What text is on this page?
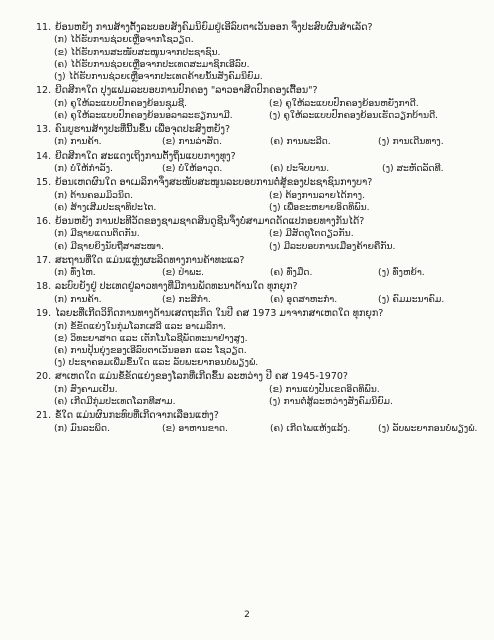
11. ຍ້ອນຫຍັງ ການສ້າງຕັ້ງລະບອບສັງຄົມນິຍົມຢູ່ເອີລົບຕາເວັນອອກ ຈຶ່ງປະສົບຜົນສຳເລັດ?
(ກ) ໄດ້ຮັບການຊ່ວຍເຫຼືອຈາກໂຊວຽດ.
(ຂ) ໄດ້ຮັບການສະໜັບສະໜູນຈາກປະຊາຊົນ.
(ຄ) ໄດ້ຮັບການຊ່ວຍເຫຼືອຈາກປະເທດສະມາຊິກເອີລົບ.
(ງ) ໄດ້ຮັບການຊ່ວຍເຫຼືອຈາກປະເທດຄ້າຍນັ້ນສັງຄົມນິຍົມ.
12. ຍີດສີກາໃດ ປຸງແຟມລະບອບການປົກຄອງ "ລາວອາສີດປົກຄອງເຕື້ອນ"?
(ກ) ຄູໃຫ້ລະແບບປົກຄອງຍ້ອນຊຸມຊີ.	(ຂ) ຄູໃຫ້ລະແບບປົກຄອງຍ້ອນຫຍັງກາດີ.
(ຄ) ຄູໃຫ້ລະແບບປົກຄອງຍ້ອນອລາລະຮຽກນາມີ.	(ງ) ຄູໃຫ້ລະແບບປົກຄອງຍ້ອນເຮັດວຽກບ້ານດີ.
13. ຄົນບູຮານສ້າງປະທີ່ນີ້ນຂຶ້ນ ເພື່ອຈຸດປະສົງຫຍັງ?
(ກ) ການຄ້າ.	(ຂ) ການລ່າສັດ.	(ຄ) ການພະລີດ.	(ງ) ການເດີນທາງ.
14. ຍີດສີກາໃດ ສະແດງເຖິງການຕັ້ງຖິ່ນແບບກາງທຸງ?
(ກ) ບໍ່ໃຫ້ກຳລັງ.	(ຂ) ບໍ່ໃຫ້ອາວຸດ.	(ຄ) ປະຈົບບານ.	(ງ) ສະຫັດລັດທີ.
15. ຍ້ອນເຫດຜົນໃດ ອາເມລິກາຈຶ່ງສະໜັບສະໜູນລະບອບການຕໍ່ສູ້ຂອງປະຊາຊົນກາງບາ?
(ກ) ຕ້ານຄອມມິວນິດ.	(ຂ) ຕ້ອງການລາຍໄດ້ກາງ.
(ຄ) ສ້າງເສີມປະຊາທິປະໄຕ.	(ງ) ເພື່ອຂະຫຍາຍອິດທິພົນ.
16. ຍ້ອນຫຍັງ ການປະທີວັດຂອງຊາມຊາດສິນດູຊີນຈຶ່ງບໍ່ສາມາດດັດແປກອຍທາງກັນໄດ້?
(ກ) ມີຊາຍແດນຕິດກັນ.	(ຂ) ມີສັດຕູໂຕດຽວກັນ.
(ຄ) ມີຊາຍຍິງນັບຖືສາສະໜາ.	(ງ) ມີລະບອບການເມືອງຄ້າຍຄືກັນ.
17. ສະຖານທີ່ໃດ ແມ່ນແຫຼ່ງຜະລິດທາງການຄ້າທະແລ?
(ກ) ທົ່ງໄຫ.	(ຂ) ປ່າພະ.	(ຄ) ທົ່ງມືດ.	(ງ) ທົ່ງຫຍ້າ.
18. ລະບົບຍັງຢູ່ ປະເທດຢູ່ລາວທາງທີ່ມີການພັດທະນາດ້ານໃດ ທຸກຍຸກ?
(ກ) ການຄ້າ.	(ຂ) ກະສິກຳ.	(ຄ) ອຸດສາຫະກຳ.	(ງ) ຄົມມະນາຄົມ.
19. ໄລຍະທີ່ເກີດວິກິດການທາງດ້ານເສດຖະກິດ ໃນປີ ຄສ 1973 ມາຈາກສາເຫດໃດ ທຸກຍຸກ?
(ກ) ຂໍ້ຂັດແຍ່ງໃນກຸ່ມໂລກເສລີ ແລະ ອາເມລິກາ.
(ຂ) ວິທະຍາສາດ ແລະ ເຕັກໂນໂລຊີພັດທະນາຢ່າງສູງ.
(ຄ) ການປຸ້ນຍຸ່ງຂອງເອີລົບຕາເວັນອອກ ແລະ ໂຊວຽດ.
(ງ) ປະຊາຄອມເພີ່ມຂຶ້ນໃດ ແລະ ລັບພະຍາກອນບໍ່ພຽງພໍ.
20. ສາເຫດໃດ ແມ່ນຂໍ້ຂັດແຍ່ງຂອງໂລກທີ່ເກີດຂຶ້ນ ລະຫວ່າງ ປີ ຄສ 1945-1970?
(ກ) ສົງຄາມເຢັນ.	(ຂ) ການແບ່ງປັນເຂດອິດທິພົນ.
(ຄ) ເກີດມີກຸ່ມປະເທດໂລກທີສາມ.	(ງ) ການຕໍ່ສູ້ລະຫວ່າງສັງຄົມນິຍົມ.
21. ຂໍ້ໃດ ແມ່ນຜົນກະທົບທີ່ເກີດຈາກເລືອນແຫ່ງ?
(ກ) ມົນລະພິດ.	(ຂ) ອາຫານຂາດ.	(ຄ) ເກີດໄພແຫ້ງແລ້ງ.	(ງ) ລັບພະຍາກອນບໍ່ພຽງພໍ.
2
